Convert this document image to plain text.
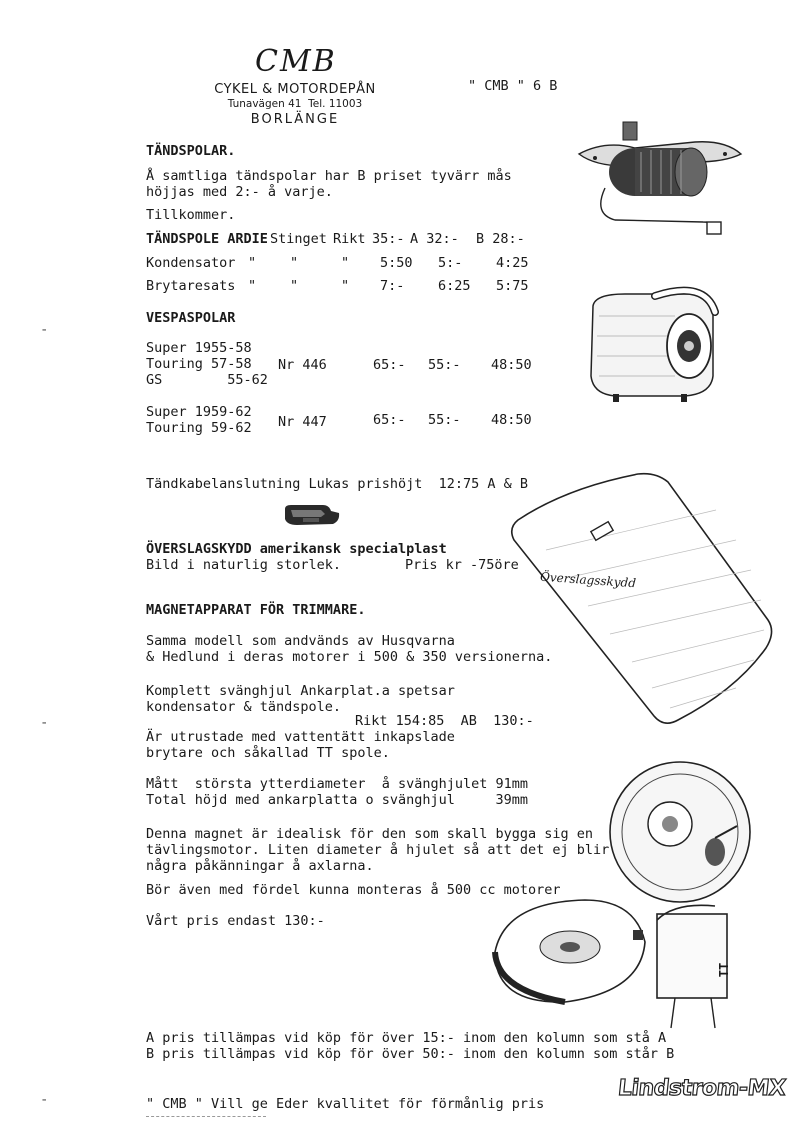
CMB
CYKEL & MOTORDEPÅN
Tunavägen 41  Tel. 11003
BORLÄNGE
" CMB " 6 B
TÄNDSPOLAR.
Å samtliga tändspolar har B priset tyvärr mås
höjjas med 2:- å varje.
Tillkommer.
TÄNDSPOLE ARDIE Stinget Rikt 35:- A 32:- B 28:-
Kondensator "	"	" 5:50 5:- 4:25
Brytaresats "	"	" 7:- 6:25 5:75
VESPASPOLAR
Super 1955-58
Touring 57-58
GS        55-62
Nr 446	65:- 55:- 48:50
Super 1959-62
Touring 59-62 Nr 447	65:- 55:- 48:50
Tändkabelanslutning Lukas prishöjt  12:75 A & B
ÖVERSLAGSKYDD amerikansk specialplast
Bild i naturlig storlek.	Pris kr -75öre
Överslagsskydd
MAGNETAPPARAT FÖR TRIMMARE.
Samma modell som andvänds av Husqvarna
& Hedlund i deras motorer i 500 & 350 versionerna.
Komplett svänghjul Ankarplat.a spetsar
kondensator & tändspole.
Rikt 154:85  AB  130:-
Är utrustade med vattentätt inkapslade
brytare och såkallad TT spole.
Mått  största ytterdiameter  å svänghjulet 91mm
Total höjd med ankarplatta o svänghjul     39mm
Denna magnet är idealisk för den som skall bygga sig en
tävlingsmotor. Liten diameter å hjulet så att det ej blir
några påkänningar å axlarna.
Bör även med fördel kunna monteras å 500 cc motorer
Vårt pris endast 130:-
TT
A pris tillämpas vid köp för över 15:- inom den kolumn som stå A
B pris tillämpas vid köp för över 50:- inom den kolumn som står B
" CMB " Vill ge Eder kvallitet för förmånlig pris
Lindstrom-MX
-
-
-
